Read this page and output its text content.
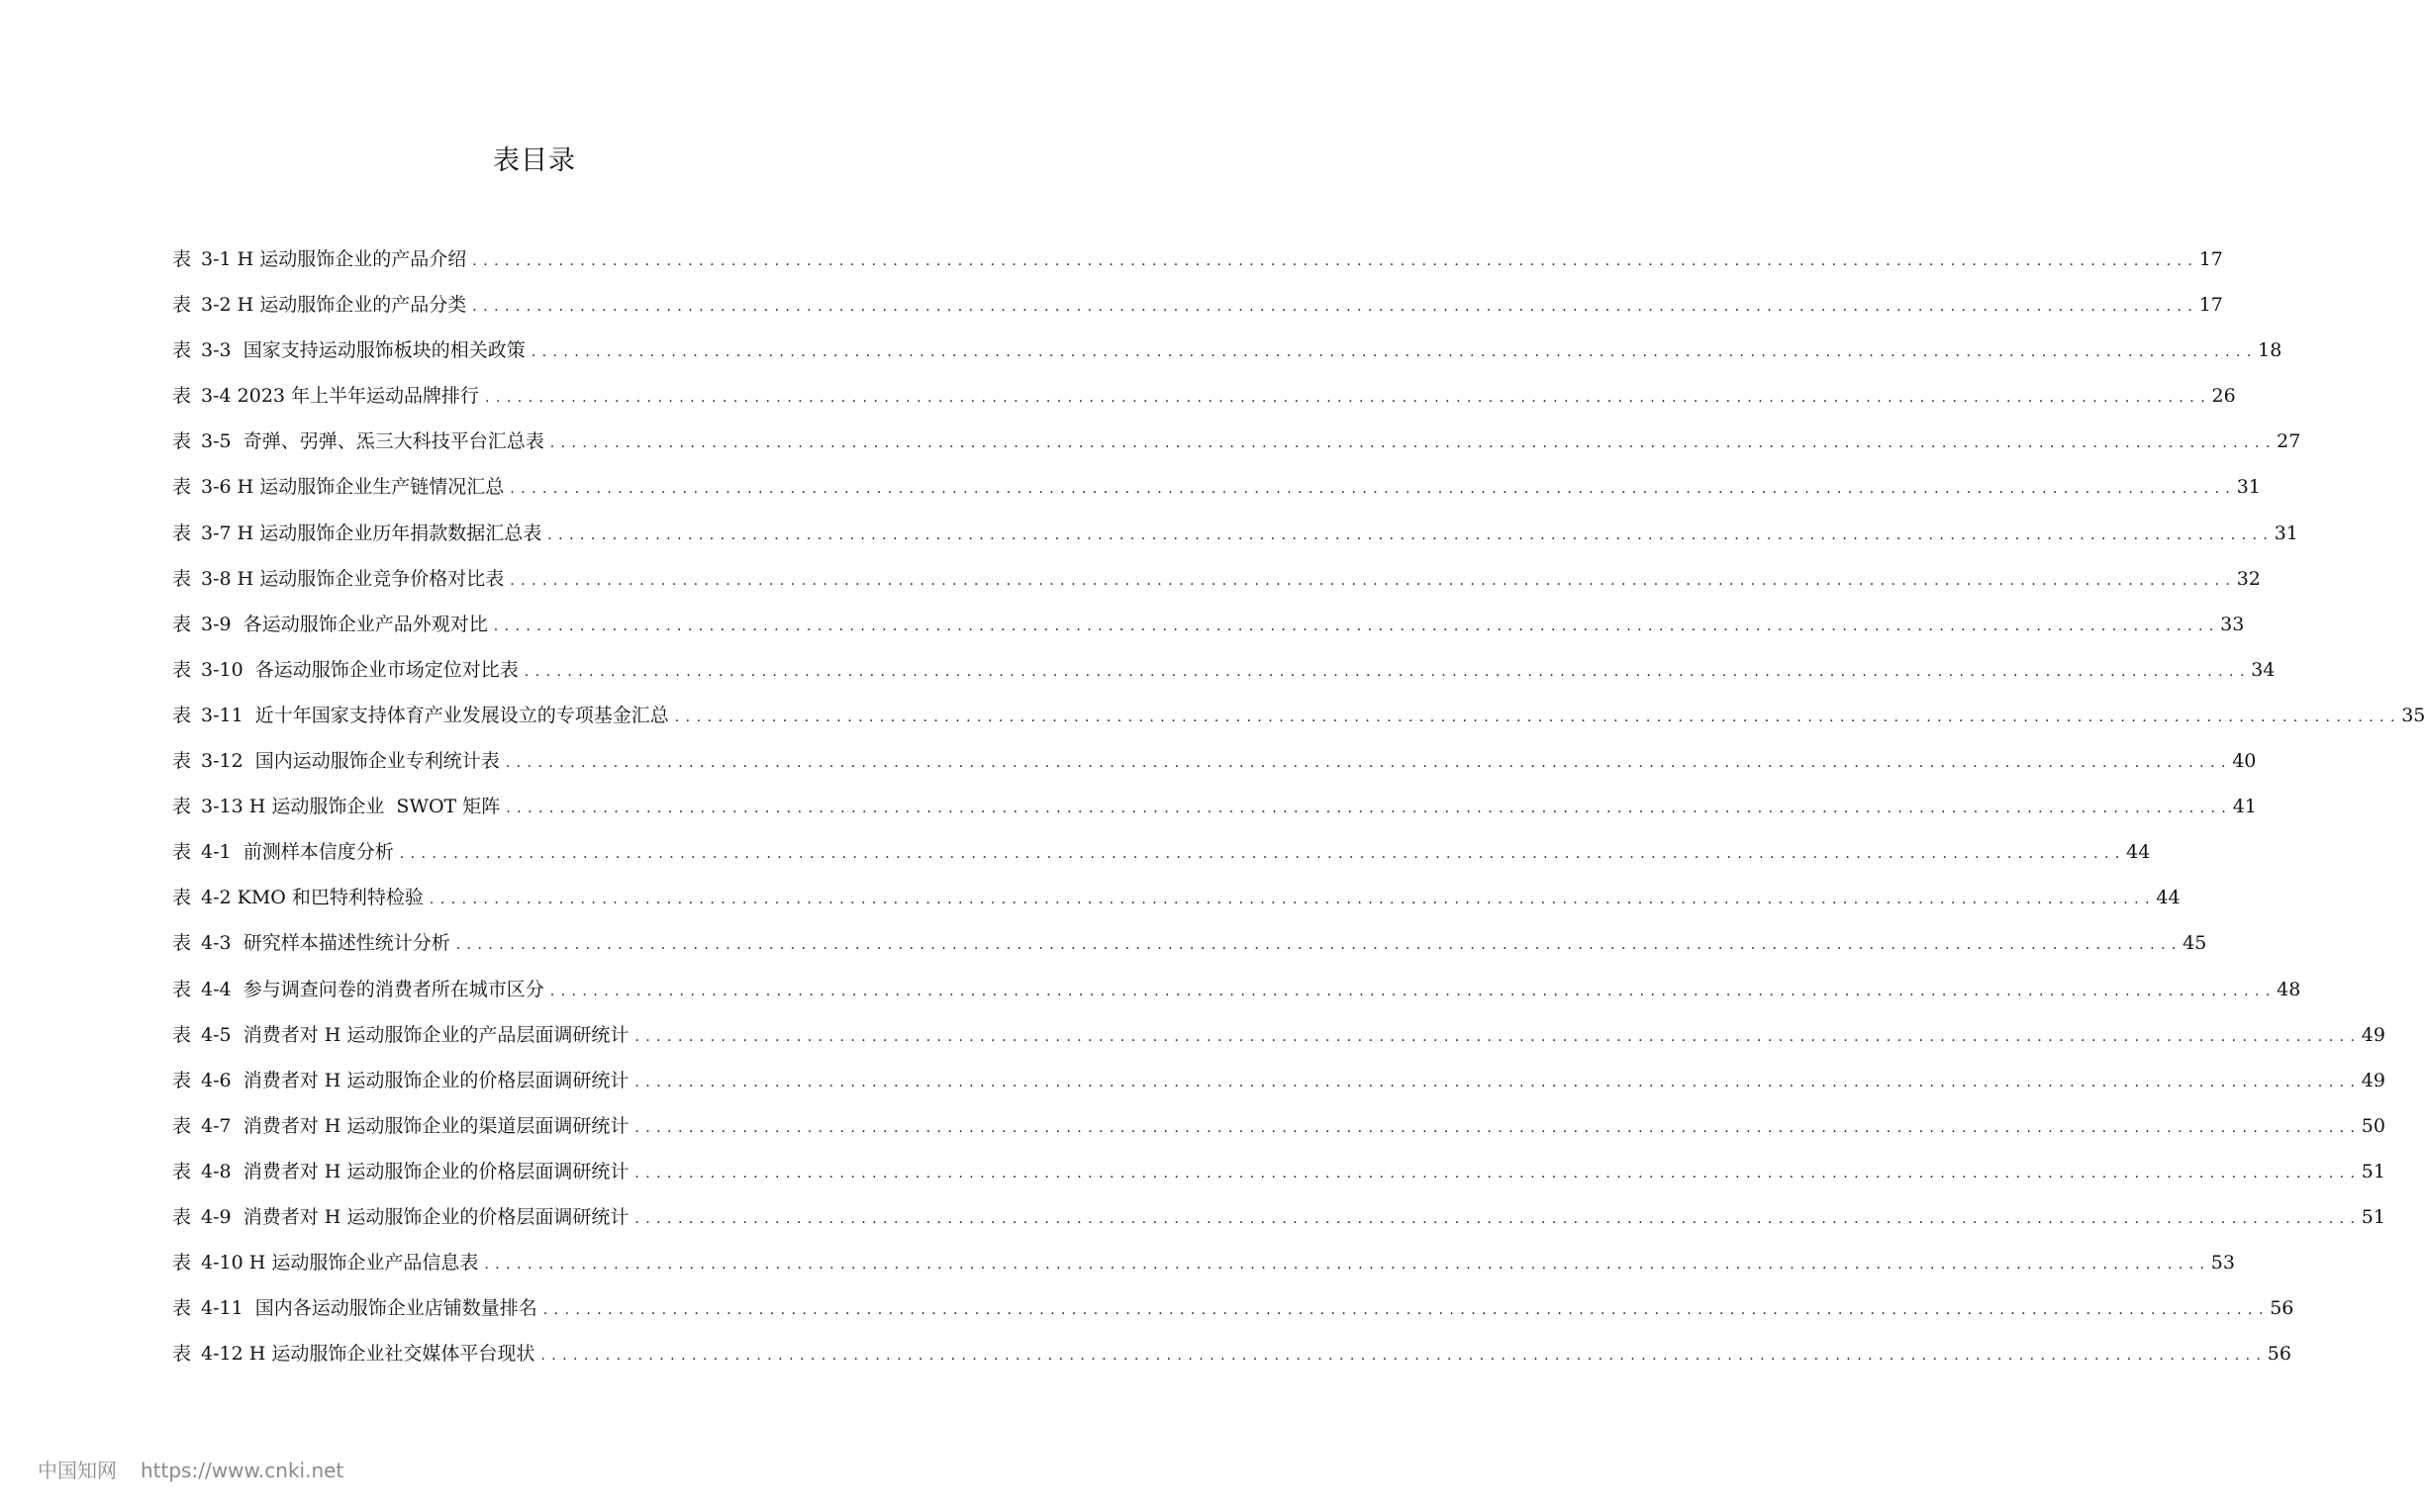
表目录
表 3-1 H 运动服饰企业的产品介绍 . . . . . . . . . . . . . . . . . . . . . . . . . . . . . . . . . . . . . . . . . . . . . . . . . . . . . . . . . . . . . . . . . . . . . . . . . . . . . . . . . . . . . . . . . . . . . . . . . . . . . . . . . . . . . . . . . . . . . . . . . . . . . . . . . . . . . . . . . . . . . . . . . . . . . . . . . . . . . . . . 17
表 3-2 H 运动服饰企业的产品分类 . . . . . . . . . . . . . . . . . . . . . . . . . . . . . . . . . . . . . . . . . . . . . . . . . . . . . . . . . . . . . . . . . . . . . . . . . . . . . . . . . . . . . . . . . . . . . . . . . . . . . . . . . . . . . . . . . . . . . . . . . . . . . . . . . . . . . . . . . . . . . . . . . . . . . . . . . . . . . . . . 17
表 3-3  国家支持运动服饰板块的相关政策 . . . . . . . . . . . . . . . . . . . . . . . . . . . . . . . . . . . . . . . . . . . . . . . . . . . . . . . . . . . . . . . . . . . . . . . . . . . . . . . . . . . . . . . . . . . . . . . . . . . . . . . . . . . . . . . . . . . . . . . . . . . . . . . . . . . . . . . . . . . . . . . . . . . . . . . . . . . . . . . . 18
表 3-4 2023 年上半年运动品牌排行 . . . . . . . . . . . . . . . . . . . . . . . . . . . . . . . . . . . . . . . . . . . . . . . . . . . . . . . . . . . . . . . . . . . . . . . . . . . . . . . . . . . . . . . . . . . . . . . . . . . . . . . . . . . . . . . . . . . . . . . . . . . . . . . . . . . . . . . . . . . . . . . . . . . . . . . . . . . . . . . . 26
表 3-5  奇弹、弜弹、炁三大科技平台汇总表 . . . . . . . . . . . . . . . . . . . . . . . . . . . . . . . . . . . . . . . . . . . . . . . . . . . . . . . . . . . . . . . . . . . . . . . . . . . . . . . . . . . . . . . . . . . . . . . . . . . . . . . . . . . . . . . . . . . . . . . . . . . . . . . . . . . . . . . . . . . . . . . . . . . . . . . . . . . . . . . . 27
表 3-6 H 运动服饰企业生产链情况汇总 . . . . . . . . . . . . . . . . . . . . . . . . . . . . . . . . . . . . . . . . . . . . . . . . . . . . . . . . . . . . . . . . . . . . . . . . . . . . . . . . . . . . . . . . . . . . . . . . . . . . . . . . . . . . . . . . . . . . . . . . . . . . . . . . . . . . . . . . . . . . . . . . . . . . . . . . . . . . . . . . 31
表 3-7 H 运动服饰企业历年捐款数据汇总表 . . . . . . . . . . . . . . . . . . . . . . . . . . . . . . . . . . . . . . . . . . . . . . . . . . . . . . . . . . . . . . . . . . . . . . . . . . . . . . . . . . . . . . . . . . . . . . . . . . . . . . . . . . . . . . . . . . . . . . . . . . . . . . . . . . . . . . . . . . . . . . . . . . . . . . . . . . . . . . . . 31
表 3-8 H 运动服饰企业竞争价格对比表 . . . . . . . . . . . . . . . . . . . . . . . . . . . . . . . . . . . . . . . . . . . . . . . . . . . . . . . . . . . . . . . . . . . . . . . . . . . . . . . . . . . . . . . . . . . . . . . . . . . . . . . . . . . . . . . . . . . . . . . . . . . . . . . . . . . . . . . . . . . . . . . . . . . . . . . . . . . . . . . . 32
表 3-9  各运动服饰企业产品外观对比 . . . . . . . . . . . . . . . . . . . . . . . . . . . . . . . . . . . . . . . . . . . . . . . . . . . . . . . . . . . . . . . . . . . . . . . . . . . . . . . . . . . . . . . . . . . . . . . . . . . . . . . . . . . . . . . . . . . . . . . . . . . . . . . . . . . . . . . . . . . . . . . . . . . . . . . . . . . . . . . . 33
表 3-10  各运动服饰企业市场定位对比表 . . . . . . . . . . . . . . . . . . . . . . . . . . . . . . . . . . . . . . . . . . . . . . . . . . . . . . . . . . . . . . . . . . . . . . . . . . . . . . . . . . . . . . . . . . . . . . . . . . . . . . . . . . . . . . . . . . . . . . . . . . . . . . . . . . . . . . . . . . . . . . . . . . . . . . . . . . . . . . . . 34
表 3-11  近十年国家支持体育产业发展设立的专项基金汇总 . . . . . . . . . . . . . . . . . . . . . . . . . . . . . . . . . . . . . . . . . . . . . . . . . . . . . . . . . . . . . . . . . . . . . . . . . . . . . . . . . . . . . . . . . . . . . . . . . . . . . . . . . . . . . . . . . . . . . . . . . . . . . . . . . . . . . . . . . . . . . . . . . . . . . . . . . . . . . . . . 35
表 3-12  国内运动服饰企业专利统计表 . . . . . . . . . . . . . . . . . . . . . . . . . . . . . . . . . . . . . . . . . . . . . . . . . . . . . . . . . . . . . . . . . . . . . . . . . . . . . . . . . . . . . . . . . . . . . . . . . . . . . . . . . . . . . . . . . . . . . . . . . . . . . . . . . . . . . . . . . . . . . . . . . . . . . . . . . . . . . . . . 40
表 3-13 H 运动服饰企业  SWOT 矩阵 . . . . . . . . . . . . . . . . . . . . . . . . . . . . . . . . . . . . . . . . . . . . . . . . . . . . . . . . . . . . . . . . . . . . . . . . . . . . . . . . . . . . . . . . . . . . . . . . . . . . . . . . . . . . . . . . . . . . . . . . . . . . . . . . . . . . . . . . . . . . . . . . . . . . . . . . . . . . . . . . 41
表 4-1  前测样本信度分析 . . . . . . . . . . . . . . . . . . . . . . . . . . . . . . . . . . . . . . . . . . . . . . . . . . . . . . . . . . . . . . . . . . . . . . . . . . . . . . . . . . . . . . . . . . . . . . . . . . . . . . . . . . . . . . . . . . . . . . . . . . . . . . . . . . . . . . . . . . . . . . . . . . . . . . . . . . . . . . . . 44
表 4-2 KMO 和巴特利特检验 . . . . . . . . . . . . . . . . . . . . . . . . . . . . . . . . . . . . . . . . . . . . . . . . . . . . . . . . . . . . . . . . . . . . . . . . . . . . . . . . . . . . . . . . . . . . . . . . . . . . . . . . . . . . . . . . . . . . . . . . . . . . . . . . . . . . . . . . . . . . . . . . . . . . . . . . . . . . . . . . 44
表 4-3  研究样本描述性统计分析 . . . . . . . . . . . . . . . . . . . . . . . . . . . . . . . . . . . . . . . . . . . . . . . . . . . . . . . . . . . . . . . . . . . . . . . . . . . . . . . . . . . . . . . . . . . . . . . . . . . . . . . . . . . . . . . . . . . . . . . . . . . . . . . . . . . . . . . . . . . . . . . . . . . . . . . . . . . . . . . . 45
表 4-4  参与调查问卷的消费者所在城市区分 . . . . . . . . . . . . . . . . . . . . . . . . . . . . . . . . . . . . . . . . . . . . . . . . . . . . . . . . . . . . . . . . . . . . . . . . . . . . . . . . . . . . . . . . . . . . . . . . . . . . . . . . . . . . . . . . . . . . . . . . . . . . . . . . . . . . . . . . . . . . . . . . . . . . . . . . . . . . . . . . 48
表 4-5  消费者对 H 运动服饰企业的产品层面调研统计 . . . . . . . . . . . . . . . . . . . . . . . . . . . . . . . . . . . . . . . . . . . . . . . . . . . . . . . . . . . . . . . . . . . . . . . . . . . . . . . . . . . . . . . . . . . . . . . . . . . . . . . . . . . . . . . . . . . . . . . . . . . . . . . . . . . . . . . . . . . . . . . . . . . . . . . . . . . . . . . . 49
表 4-6  消费者对 H 运动服饰企业的价格层面调研统计 . . . . . . . . . . . . . . . . . . . . . . . . . . . . . . . . . . . . . . . . . . . . . . . . . . . . . . . . . . . . . . . . . . . . . . . . . . . . . . . . . . . . . . . . . . . . . . . . . . . . . . . . . . . . . . . . . . . . . . . . . . . . . . . . . . . . . . . . . . . . . . . . . . . . . . . . . . . . . . . . 49
表 4-7  消费者对 H 运动服饰企业的渠道层面调研统计 . . . . . . . . . . . . . . . . . . . . . . . . . . . . . . . . . . . . . . . . . . . . . . . . . . . . . . . . . . . . . . . . . . . . . . . . . . . . . . . . . . . . . . . . . . . . . . . . . . . . . . . . . . . . . . . . . . . . . . . . . . . . . . . . . . . . . . . . . . . . . . . . . . . . . . . . . . . . . . . . 50
表 4-8  消费者对 H 运动服饰企业的价格层面调研统计 . . . . . . . . . . . . . . . . . . . . . . . . . . . . . . . . . . . . . . . . . . . . . . . . . . . . . . . . . . . . . . . . . . . . . . . . . . . . . . . . . . . . . . . . . . . . . . . . . . . . . . . . . . . . . . . . . . . . . . . . . . . . . . . . . . . . . . . . . . . . . . . . . . . . . . . . . . . . . . . . 51
表 4-9  消费者对 H 运动服饰企业的价格层面调研统计 . . . . . . . . . . . . . . . . . . . . . . . . . . . . . . . . . . . . . . . . . . . . . . . . . . . . . . . . . . . . . . . . . . . . . . . . . . . . . . . . . . . . . . . . . . . . . . . . . . . . . . . . . . . . . . . . . . . . . . . . . . . . . . . . . . . . . . . . . . . . . . . . . . . . . . . . . . . . . . . . 51
表 4-10 H 运动服饰企业产品信息表 . . . . . . . . . . . . . . . . . . . . . . . . . . . . . . . . . . . . . . . . . . . . . . . . . . . . . . . . . . . . . . . . . . . . . . . . . . . . . . . . . . . . . . . . . . . . . . . . . . . . . . . . . . . . . . . . . . . . . . . . . . . . . . . . . . . . . . . . . . . . . . . . . . . . . . . . . . . . . . . . 53
表 4-11  国内各运动服饰企业店铺数量排名 . . . . . . . . . . . . . . . . . . . . . . . . . . . . . . . . . . . . . . . . . . . . . . . . . . . . . . . . . . . . . . . . . . . . . . . . . . . . . . . . . . . . . . . . . . . . . . . . . . . . . . . . . . . . . . . . . . . . . . . . . . . . . . . . . . . . . . . . . . . . . . . . . . . . . . . . . . . . . . . . 56
表 4-12 H 运动服饰企业社交媒体平台现状 . . . . . . . . . . . . . . . . . . . . . . . . . . . . . . . . . . . . . . . . . . . . . . . . . . . . . . . . . . . . . . . . . . . . . . . . . . . . . . . . . . . . . . . . . . . . . . . . . . . . . . . . . . . . . . . . . . . . . . . . . . . . . . . . . . . . . . . . . . . . . . . . . . . . . . . . . . . . . . . . 56
中国知网 https://www.cnki.net
